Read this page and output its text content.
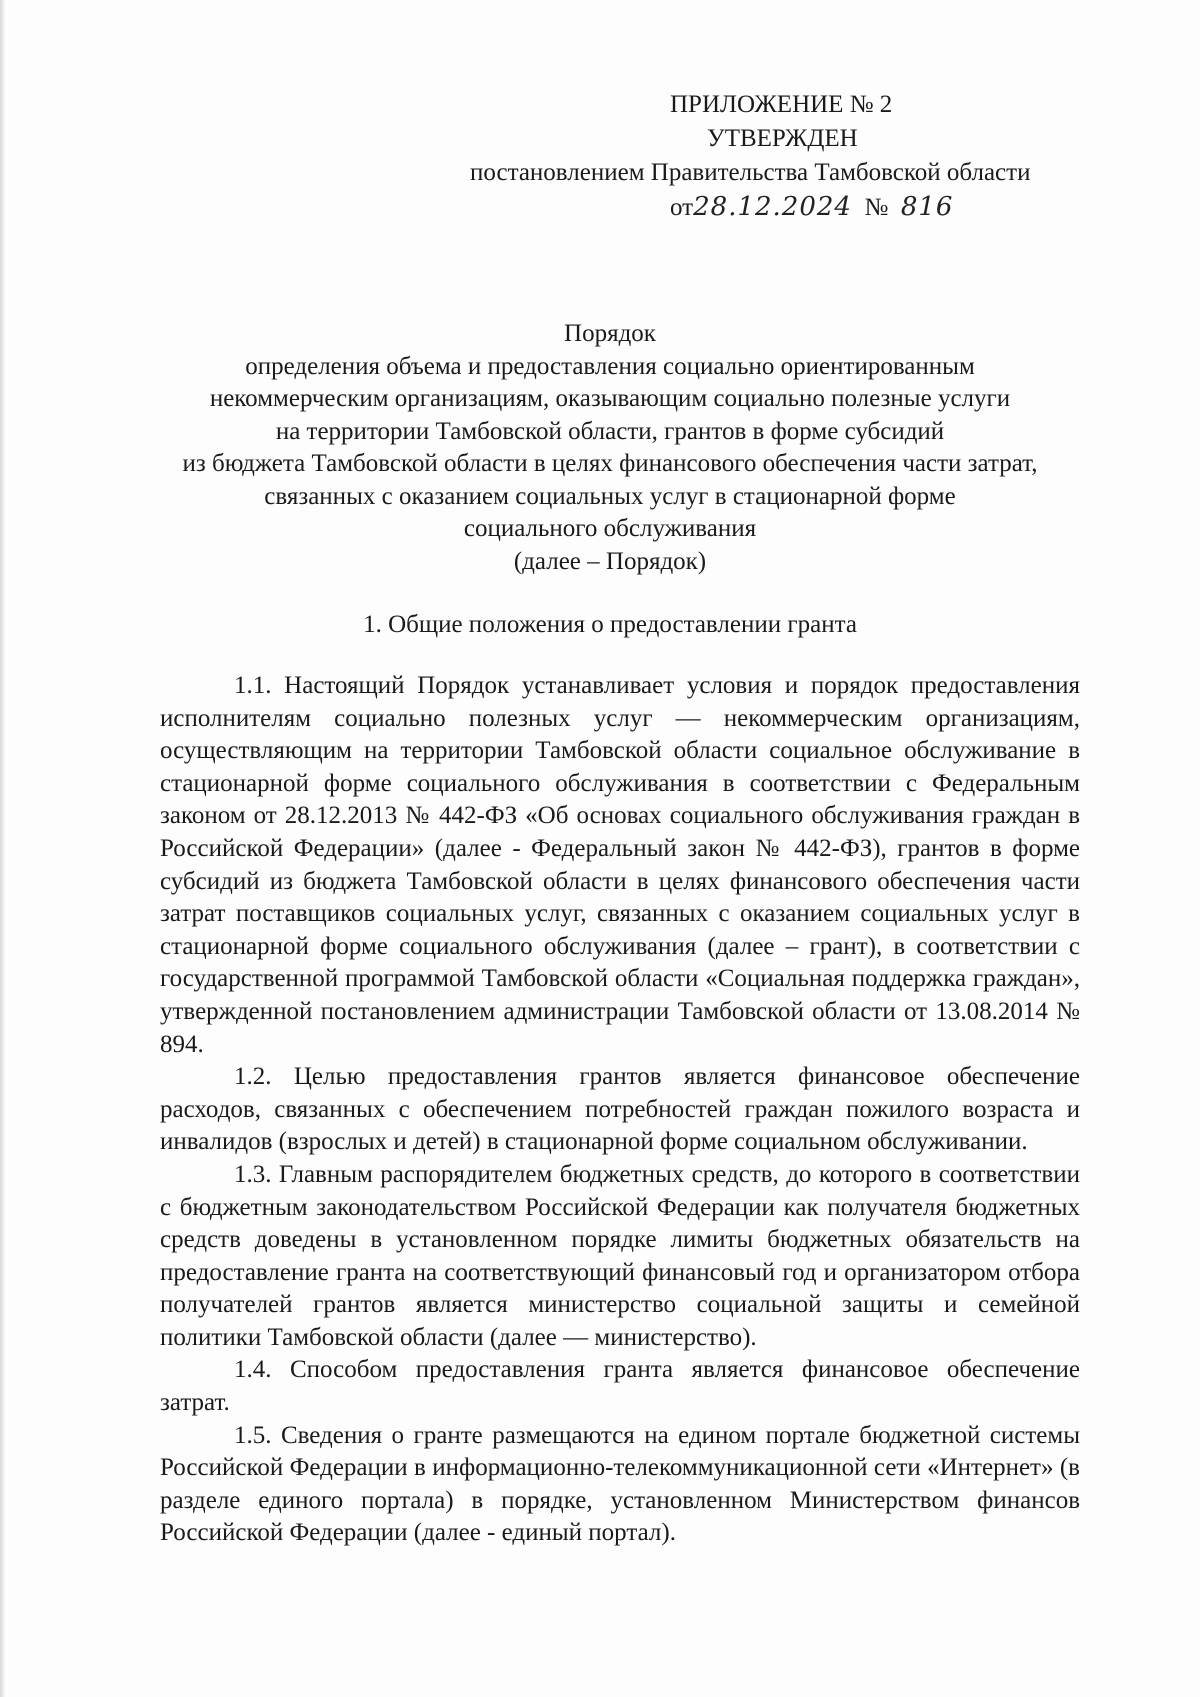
ПРИЛОЖЕНИЕ № 2
УТВЕРЖДЕН
постановлением Правительства Тамбовской области
от28.12.2024 № 816
Порядок
определения объема и предоставления социально ориентированным
некоммерческим организациям, оказывающим социально полезные услуги
на территории Тамбовской области, грантов в форме субсидий
из бюджета Тамбовской области в целях финансового обеспечения части затрат,
связанных с оказанием социальных услуг в стационарной форме
социального обслуживания
(далее – Порядок)
1. Общие положения о предоставлении гранта

1.1. Настоящий Порядок устанавливает условия и порядок предоставления исполнителям социально полезных услуг — некоммерческим организациям, осуществляющим на территории Тамбовской области социальное обслуживание в стационарной форме социального обслуживания в соответствии с Федеральным законом от 28.12.2013 № 442-ФЗ «Об основах социального обслуживания граждан в Российской Федерации» (далее - Федеральный закон № 442-ФЗ), грантов в форме субсидий из бюджета Тамбовской области в целях финансового обеспечения части затрат поставщиков социальных услуг, связанных с оказанием социальных услуг в стационарной форме социального обслуживания (далее – грант), в соответствии с государственной программой Тамбовской области «Социальная поддержка граждан», утвержденной постановлением администрации Тамбовской области от 13.08.2014 № 894.

1.2. Целью предоставления грантов является финансовое обеспечение расходов, связанных с обеспечением потребностей граждан пожилого возраста и инвалидов (взрослых и детей) в стационарной форме социальном обслуживании.

1.3. Главным распорядителем бюджетных средств, до которого в соответствии с бюджетным законодательством Российской Федерации как получателя бюджетных средств доведены в установленном порядке лимиты бюджетных обязательств на предоставление гранта на соответствующий финансовый год и организатором отбора получателей грантов является министерство социальной защиты и семейной политики Тамбовской области (далее — министерство).

1.4. Способом предоставления гранта является финансовое обеспечение затрат.

1.5. Сведения о гранте размещаются на едином портале бюджетной системы Российской Федерации в информационно-телекоммуникационной сети «Интернет» (в разделе единого портала) в порядке, установленном Министерством финансов Российской Федерации (далее - единый портал).
